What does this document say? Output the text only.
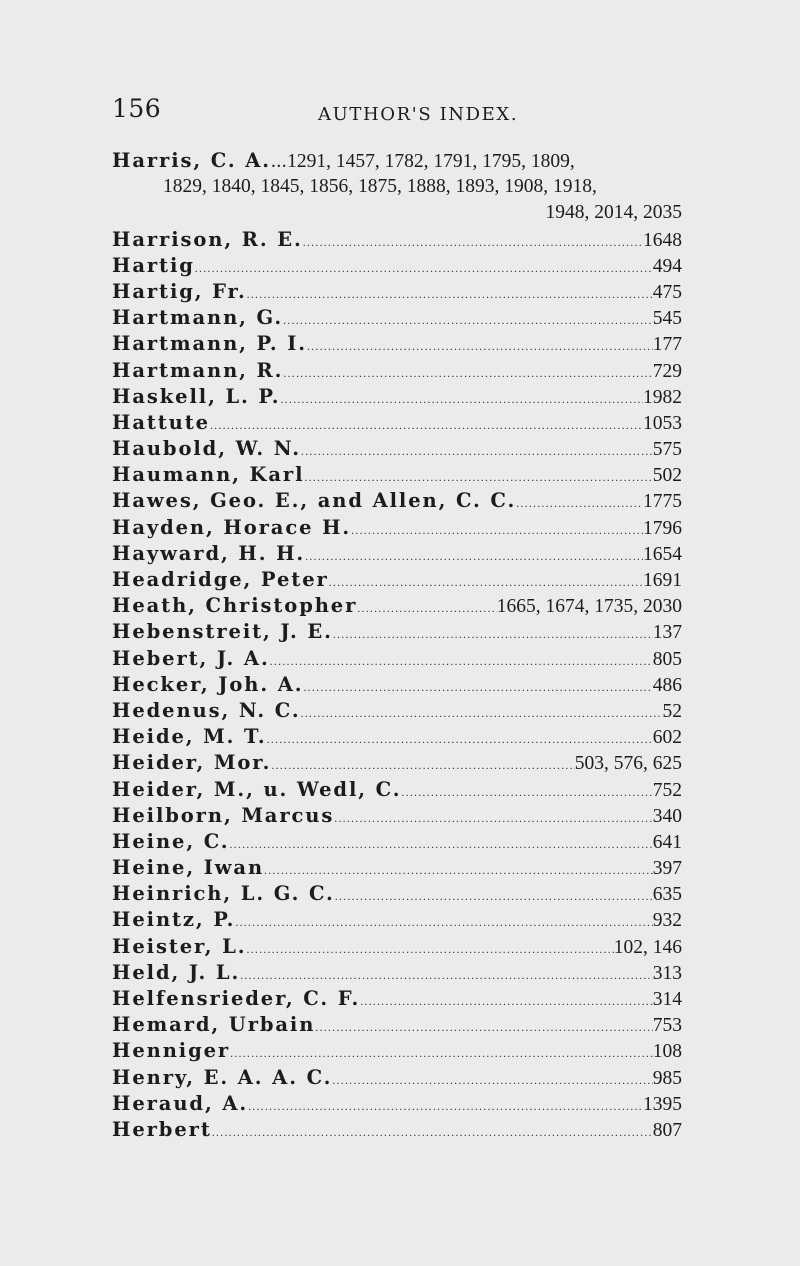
156	AUTHOR'S INDEX.
Harris, C. A. ... 1291, 1457, 1782, 1791, 1795, 1809,
1829, 1840, 1845, 1856, 1875, 1888, 1893, 1908, 1918,
1948, 2014, 2035
Harrison, R. E. .....	1648
Hartig .....	494
Hartig, Fr. .....	475
Hartmann, G. .....	545
Hartmann, P. I. .....	177
Hartmann, R. .....	729
Haskell, L. P. .....	1982
Hattute .....	1053
Haubold, W. N. .....	575
Haumann, Karl .....	502
Hawes, Geo. E., and Allen, C. C. .....	1775
Hayden, Horace H. .....	1796
Hayward, H. H. .....	1654
Headridge, Peter .....	1691
Heath, Christopher .....	1665, 1674, 1735, 2030
Hebenstreit, J. E. .....	137
Hebert, J. A. .....	805
Hecker, Joh. A. .....	486
Hedenus, N. C. .....	52
Heide, M. T. .....	602
Heider, Mor. .....	503, 576, 625
Heider, M., u. Wedl, C. .....	752
Heilborn, Marcus .....	340
Heine, C. .....	641
Heine, Iwan .....	397
Heinrich, L. G. C. .....	635
Heintz, P. .....	932
Heister, L. .....	102, 146
Held, J. L. .....	313
Helfensrieder, C. F. .....	314
Hemard, Urbain .....	753
Henniger .....	108
Henry, E. A. A. C. .....	985
Heraud, A. .....	1395
Herbert .....	807
